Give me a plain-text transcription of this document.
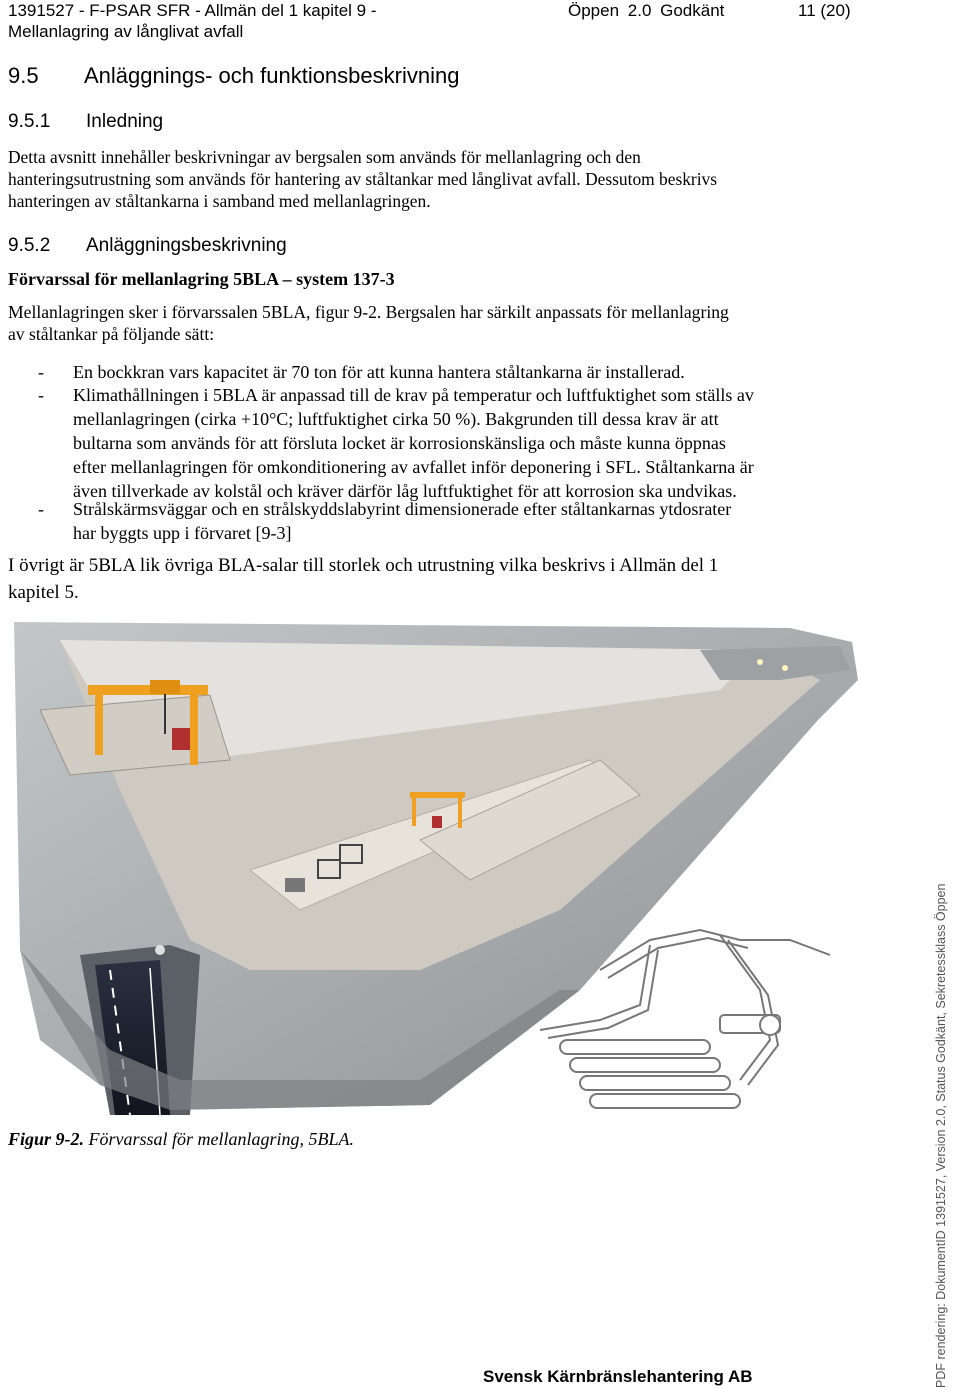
1391527 - F-PSAR SFR - Allmän del 1 kapitel 9 -
Mellanlagring av långlivat avfall
Öppen 2.0 Godkänt	11 (20)
9.5 Anläggnings- och funktionsbeskrivning
9.5.1 Inledning
Detta avsnitt innehåller beskrivningar av bergsalen som används för mellanlagring och den
hanteringsutrustning som används för hantering av ståltankar med långlivat avfall. Dessutom beskrivs
hanteringen av ståltankarna i samband med mellanlagringen.
9.5.2 Anläggningsbeskrivning
Förvarssal för mellanlagring 5BLA – system 137-3
Mellanlagringen sker i förvarssalen 5BLA, figur 9-2. Bergsalen har särkilt anpassats för mellanlagring
av ståltankar på följande sätt:
- En bockkran vars kapacitet är 70 ton för att kunna hantera ståltankarna är installerad.
- Klimathållningen i 5BLA är anpassad till de krav på temperatur och luftfuktighet som ställs av
mellanlagringen (cirka +10°C; luftfuktighet cirka 50 %). Bakgrunden till dessa krav är att
bultarna som används för att försluta locket är korrosionskänsliga och måste kunna öppnas
efter mellanlagringen för omkonditionering av avfallet inför deponering i SFL. Ståltankarna är
även tillverkade av kolstål och kräver därför låg luftfuktighet för att korrosion ska undvikas.
- Strålskärmsväggar och en strålskyddslabyrint dimensionerade efter ståltankarnas ytdosrater
har byggts upp i förvaret [9-3]
I övrigt är 5BLA lik övriga BLA-salar till storlek och utrustning vilka beskrivs i Allmän del 1
kapitel 5.
Figur 9-2. Förvarssal för mellanlagring, 5BLA.
Svensk Kärnbränslehantering AB	PDF rendering: DokumentID 1391527, Version 2.0, Status Godkänt, Sekretessklass Öppen
